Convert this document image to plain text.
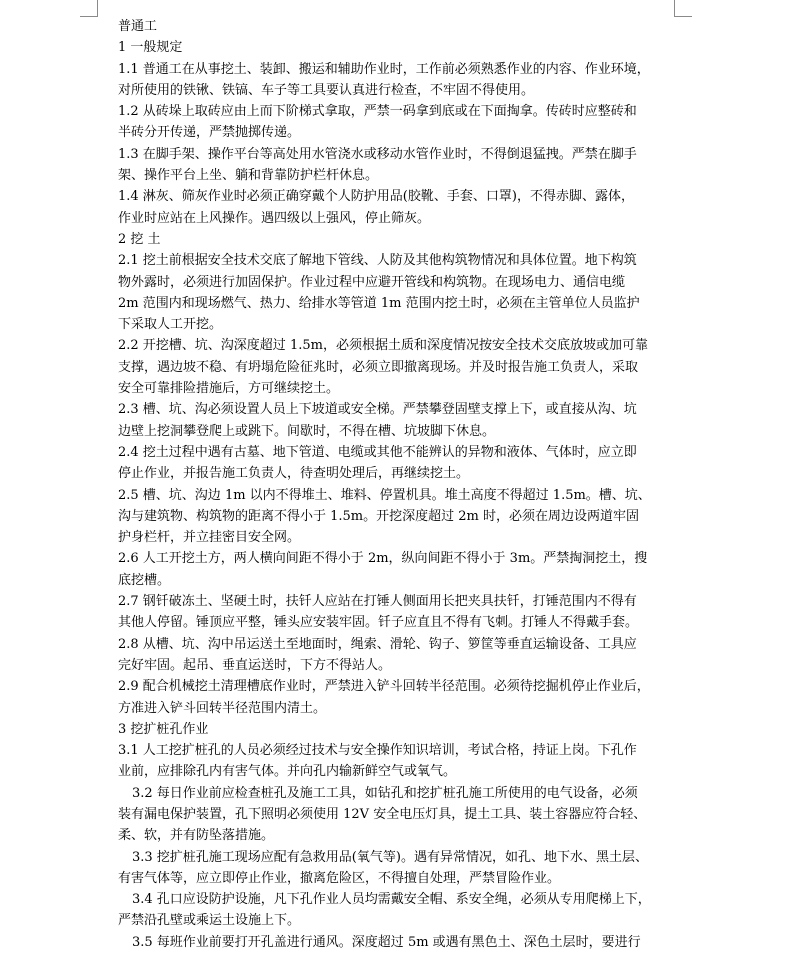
普通工
1 一般规定
1.1 普通工在从事挖土、装卸、搬运和辅助作业时，工作前必须熟悉作业的内容、作业环境，
对所使用的铁锹、铁镐、车子等工具要认真进行检查，不牢固不得使用。
1.2 从砖垛上取砖应由上而下阶梯式拿取，严禁一码拿到底或在下面掏拿。传砖时应整砖和
半砖分开传递，严禁抛掷传递。
1.3 在脚手架、操作平台等高处用水管浇水或移动水管作业时，不得倒退猛拽。严禁在脚手
架、操作平台上坐、躺和背靠防护栏杆休息。
1.4 淋灰、筛灰作业时必须正确穿戴个人防护用品(胶靴、手套、口罩)，不得赤脚、露体，
作业时应站在上风操作。遇四级以上强风，停止筛灰。
2 挖 土
2.1 挖土前根据安全技术交底了解地下管线、人防及其他构筑物情况和具体位置。地下构筑
物外露时，必须进行加固保护。作业过程中应避开管线和构筑物。在现场电力、通信电缆
2m 范围内和现场燃气、热力、给排水等管道 1m 范围内挖土时，必须在主管单位人员监护
下采取人工开挖。
2.2 开挖槽、坑、沟深度超过 1.5m，必须根据土质和深度情况按安全技术交底放坡或加可靠
支撑，遇边坡不稳、有坍塌危险征兆时，必须立即撤离现场。并及时报告施工负责人，采取
安全可靠排险措施后，方可继续挖土。
2.3 槽、坑、沟必须设置人员上下坡道或安全梯。严禁攀登固壁支撑上下，或直接从沟、坑
边壁上挖洞攀登爬上或跳下。间歇时，不得在槽、坑坡脚下休息。
2.4 挖土过程中遇有古墓、地下管道、电缆或其他不能辨认的异物和液体、气体时，应立即
停止作业，并报告施工负责人，待查明处理后，再继续挖土。
2.5 槽、坑、沟边 1m 以内不得堆土、堆料、停置机具。堆土高度不得超过 1.5m。槽、坑、
沟与建筑物、构筑物的距离不得小于 1.5m。开挖深度超过 2m 时，必须在周边设两道牢固
护身栏杆，并立挂密目安全网。
2.6 人工开挖土方，两人横向间距不得小于 2m，纵向间距不得小于 3m。严禁掏洞挖土，搜
底挖槽。
2.7 钢钎破冻土、坚硬土时，扶钎人应站在打锤人侧面用长把夹具扶钎，打锤范围内不得有
其他人停留。锤顶应平整，锤头应安装牢固。钎子应直且不得有飞刺。打锤人不得戴手套。
2.8 从槽、坑、沟中吊运送土至地面时，绳索、滑轮、钩子、箩筐等垂直运输设备、工具应
完好牢固。起吊、垂直运送时，下方不得站人。
2.9 配合机械挖土清理槽底作业时，严禁进入铲斗回转半径范围。必须待挖掘机停止作业后，
方准进入铲斗回转半径范围内清土。
3 挖扩桩孔作业
3.1 人工挖扩桩孔的人员必须经过技术与安全操作知识培训，考试合格，持证上岗。下孔作
业前，应排除孔内有害气体。并向孔内输新鲜空气或氧气。
3.2 每日作业前应检查桩孔及施工工具，如钻孔和挖扩桩孔施工所使用的电气设备，必须
装有漏电保护装置，孔下照明必须使用 12V 安全电压灯具，提土工具、装土容器应符合轻、
柔、软，并有防坠落措施。
3.3 挖扩桩孔施工现场应配有急救用品(氧气等)。遇有异常情况，如孔、地下水、黑土层、
有害气体等，应立即停止作业，撤离危险区，不得擅自处理，严禁冒险作业。
3.4 孔口应设防护设施，凡下孔作业人员均需戴安全帽、系安全绳，必须从专用爬梯上下，
严禁沿孔壁或乘运土设施上下。
3.5 每班作业前要打开孔盖进行通风。深度超过 5m 或遇有黑色土、深色土层时，要进行
